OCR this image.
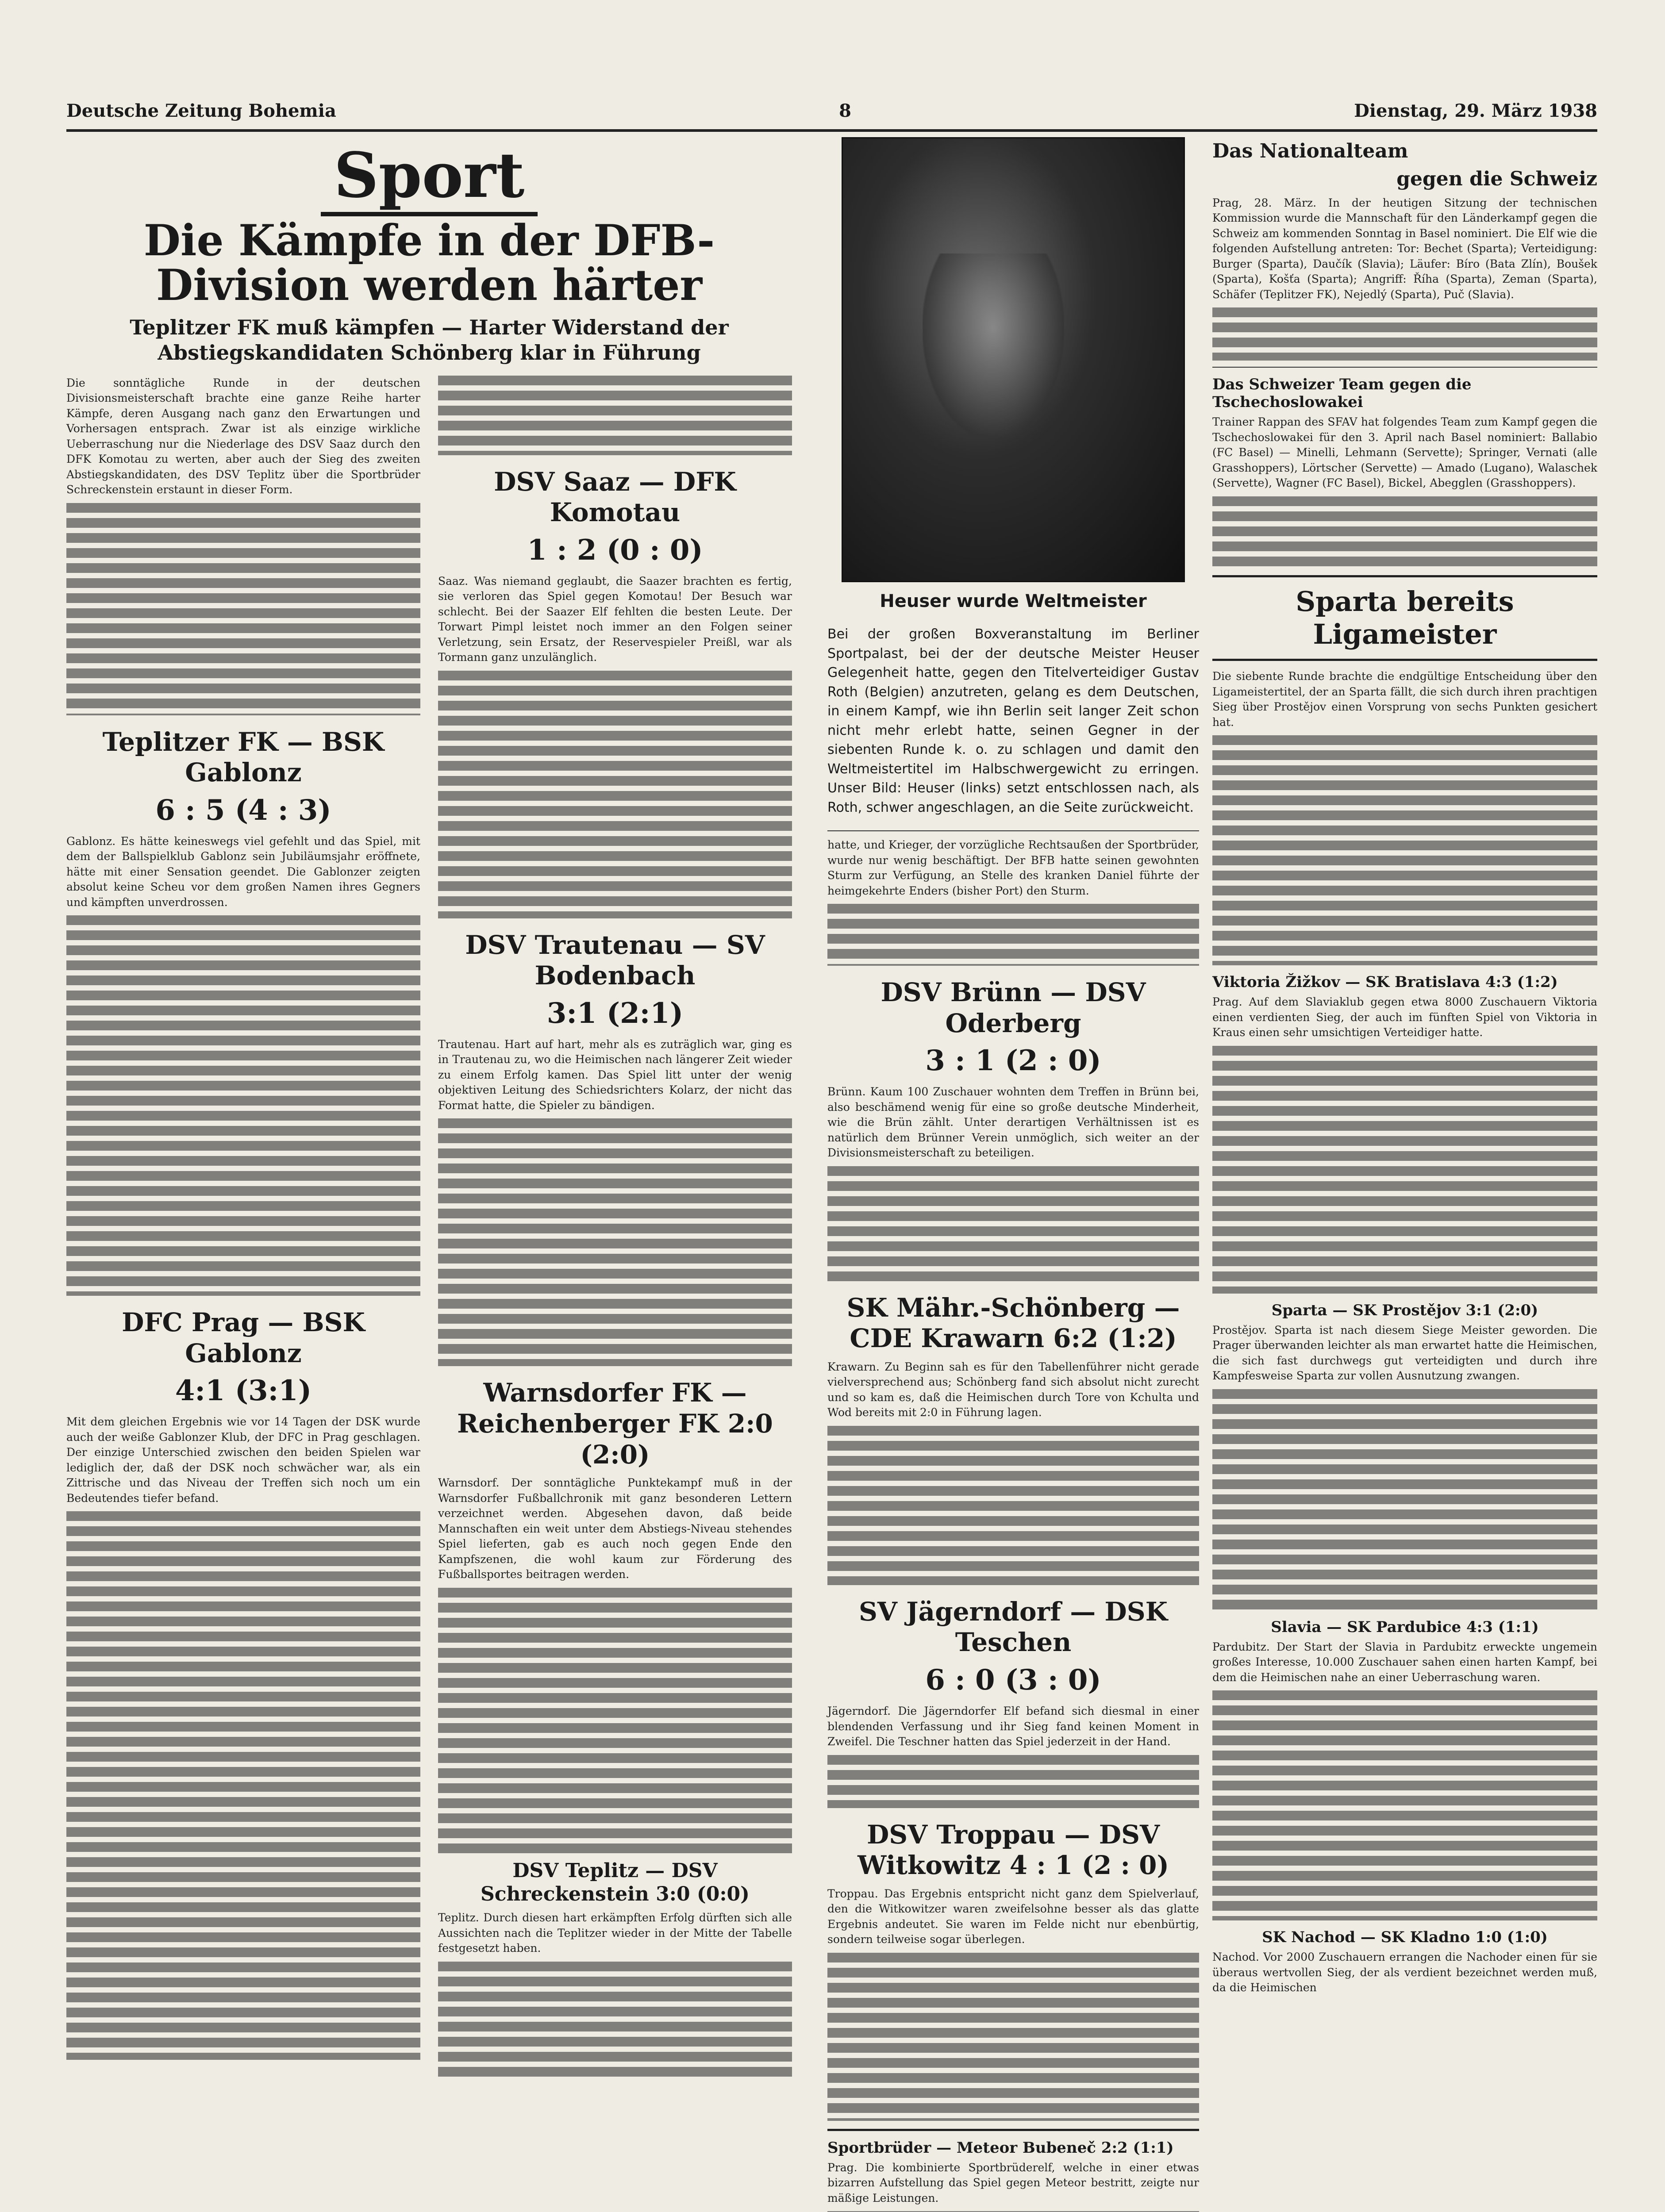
Deutsche Zeitung Bohemia	8	Dienstag, 29. März 1938
Sport
Die Kämpfe in der DFB-Division werden härter
Teplitzer FK muß kämpfen — Harter Widerstand der Abstiegskandidaten Schönberg klar in Führung

Die sonntägliche Runde in der deutschen Divisionsmeisterschaft brachte eine ganze Reihe harter Kämpfe, deren Ausgang nach ganz den Erwartungen und Vorhersagen entsprach. Zwar ist als einzige wirkliche Ueberraschung nur die Niederlage des DSV Saaz durch den DFK Komotau zu werten, aber auch der Sieg des zweiten Abstiegskandidaten, des DSV Teplitz über die Sportbrüder Schreckenstein erstaunt in dieser Form.

Teplitzer FK — BSK Gablonz
6 : 5 (4 : 3)

Gablonz. Es hätte keineswegs viel gefehlt und das Spiel, mit dem der Ballspielklub Gablonz sein Jubiläumsjahr eröffnete, hätte mit einer Sensation geendet. Die Gablonzer zeigten absolut keine Scheu vor dem großen Namen ihres Gegners und kämpften unverdrossen.

DFC Prag — BSK Gablonz
4:1 (3:1)

Mit dem gleichen Ergebnis wie vor 14 Tagen der DSK wurde auch der weiße Gablonzer Klub, der DFC in Prag geschlagen. Der einzige Unterschied zwischen den beiden Spielen war lediglich der, daß der DSK noch schwächer war, als ein Zittrische und das Niveau der Treffen sich noch um ein Bedeutendes tiefer befand.

DSV Saaz — DFK Komotau
1 : 2 (0 : 0)

Saaz. Was niemand geglaubt, die Saazer brachten es fertig, sie verloren das Spiel gegen Komotau! Der Besuch war schlecht. Bei der Saazer Elf fehlten die besten Leute. Der Torwart Pimpl leistet noch immer an den Folgen seiner Verletzung, sein Ersatz, der Reservespieler Preißl, war als Tormann ganz unzulänglich.

DSV Trautenau — SV Bodenbach
3:1 (2:1)

Trautenau. Hart auf hart, mehr als es zuträglich war, ging es in Trautenau zu, wo die Heimischen nach längerer Zeit wieder zu einem Erfolg kamen. Das Spiel litt unter der wenig objektiven Leitung des Schiedsrichters Kolarz, der nicht das Format hatte, die Spieler zu bändigen.

Warnsdorfer FK — Reichenberger FK 2:0 (2:0)

Warnsdorf. Der sonntägliche Punktekampf muß in der Warnsdorfer Fußballchronik mit ganz besonderen Lettern verzeichnet werden. Abgesehen davon, daß beide Mannschaften ein weit unter dem Abstiegs-Niveau stehendes Spiel lieferten, gab es auch noch gegen Ende den Kampfszenen, die wohl kaum zur Förderung des Fußballsportes beitragen werden.

DSV Teplitz — DSV Schreckenstein 3:0 (0:0)

Teplitz. Durch diesen hart erkämpften Erfolg dürften sich alle Aussichten nach die Teplitzer wieder in der Mitte der Tabelle festgesetzt haben.

Heuser wurde Weltmeister

Bei der großen Boxveranstaltung im Berliner Sportpalast, bei der der deutsche Meister Heuser Gelegenheit hatte, gegen den Titelverteidiger Gustav Roth (Belgien) anzutreten, gelang es dem Deutschen, in einem Kampf, wie ihn Berlin seit langer Zeit schon nicht mehr erlebt hatte, seinen Gegner in der siebenten Runde k. o. zu schlagen und damit den Weltmeistertitel im Halbschwergewicht zu erringen. Unser Bild: Heuser (links) setzt entschlossen nach, als Roth, schwer angeschlagen, an die Seite zurückweicht.

hatte, und Krieger, der vorzügliche Rechtsaußen der Sportbrüder, wurde nur wenig beschäftigt. Der BFB hatte seinen gewohnten Sturm zur Verfügung, an Stelle des kranken Daniel führte der heimgekehrte Enders (bisher Port) den Sturm.

DSV Brünn — DSV Oderberg
3 : 1 (2 : 0)

Brünn. Kaum 100 Zuschauer wohnten dem Treffen in Brünn bei, also beschämend wenig für eine so große deutsche Minderheit, wie die Brün zählt. Unter derartigen Verhältnissen ist es natürlich dem Brünner Verein unmöglich, sich weiter an der Divisionsmeisterschaft zu beteiligen.

SK Mähr.-Schönberg — CDE Krawarn 6:2 (1:2)

Krawarn. Zu Beginn sah es für den Tabellenführer nicht gerade vielversprechend aus; Schönberg fand sich absolut nicht zurecht und so kam es, daß die Heimischen durch Tore von Kchulta und Wod bereits mit 2:0 in Führung lagen.

SV Jägerndorf — DSK Teschen
6 : 0 (3 : 0)

Jägerndorf. Die Jägerndorfer Elf befand sich diesmal in einer blendenden Verfassung und ihr Sieg fand keinen Moment in Zweifel. Die Teschner hatten das Spiel jederzeit in der Hand.

DSV Troppau — DSV Witkowitz 4 : 1 (2 : 0)

Troppau. Das Ergebnis entspricht nicht ganz dem Spielverlauf, den die Witkowitzer waren zweifelsohne besser als das glatte Ergebnis andeutet. Sie waren im Felde nicht nur ebenbürtig, sondern teilweise sogar überlegen.

Sportbrüder — Meteor Bubeneč 2:2 (1:1)

Prag. Die kombinierte Sportbrüderelf, welche in einer etwas bizarren Aufstellung das Spiel gegen Meteor bestritt, zeigte nur mäßige Leistungen.

Das Nationalteam
gegen die Schweiz

Prag, 28. März. In der heutigen Sitzung der technischen Kommission wurde die Mannschaft für den Länderkampf gegen die Schweiz am kommenden Sonntag in Basel nominiert. Die Elf wie die folgenden Aufstellung antreten: Tor: Bechet (Sparta); Verteidigung: Burger (Sparta), Daučík (Slavia); Läufer: Bíro (Bata Zlín), Boušek (Sparta), Košťa (Sparta); Angriff: Říha (Sparta), Zeman (Sparta), Schäfer (Teplitzer FK), Nejedlý (Sparta), Puč (Slavia).

Das Schweizer Team gegen die Tschechoslowakei

Trainer Rappan des SFAV hat folgendes Team zum Kampf gegen die Tschechoslowakei für den 3. April nach Basel nominiert: Ballabio (FC Basel) — Minelli, Lehmann (Servette); Springer, Vernati (alle Grasshoppers), Lörtscher (Servette) — Amado (Lugano), Walaschek (Servette), Wagner (FC Basel), Bickel, Abegglen (Grasshoppers).

Sparta bereits Ligameister

Die siebente Runde brachte die endgültige Entscheidung über den Ligameistertitel, der an Sparta fällt, die sich durch ihren prachtigen Sieg über Prostějov einen Vorsprung von sechs Punkten gesichert hat.

Viktoria Žižkov — SK Bratislava 4:3 (1:2)

Prag. Auf dem Slaviaklub gegen etwa 8000 Zuschauern Viktoria einen verdienten Sieg, der auch im fünften Spiel von Viktoria in Kraus einen sehr umsichtigen Verteidiger hatte.

Sparta — SK Prostějov 3:1 (2:0)

Prostějov. Sparta ist nach diesem Siege Meister geworden. Die Prager überwanden leichter als man erwartet hatte die Heimischen, die sich fast durchwegs gut verteidigten und durch ihre Kampfesweise Sparta zur vollen Ausnutzung zwangen.

Slavia — SK Pardubice 4:3 (1:1)

Pardubitz. Der Start der Slavia in Pardubitz erweckte ungemein großes Interesse, 10.000 Zuschauer sahen einen harten Kampf, bei dem die Heimischen nahe an einer Ueberraschung waren.

SK Nachod — SK Kladno 1:0 (1:0)

Nachod. Vor 2000 Zuschauern errangen die Nachoder einen für sie überaus wertvollen Sieg, der als verdient bezeichnet werden muß, da die Heimischen
